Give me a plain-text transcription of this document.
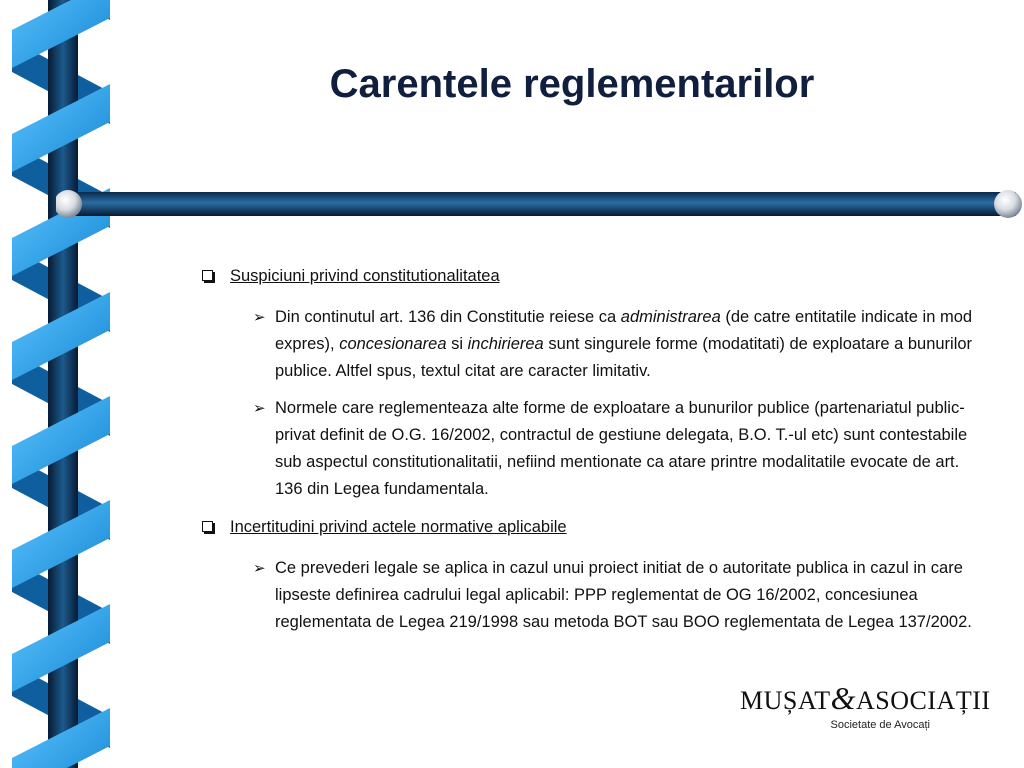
Carentele reglementarilor
Suspiciuni privind constitutionalitatea
➢ Din continutul art. 136 din Constitutie reiese ca administrarea (de catre entitatile indicate in mod expres), concesionarea si inchirierea sunt singurele forme (modatitati) de exploatare a bunurilor publice. Altfel spus, textul citat are caracter limitativ.

➢ Normele care reglementeaza alte forme de exploatare a bunurilor publice (partenariatul public-privat definit de O.G. 16/2002, contractul de gestiune delegata, B.O. T.-ul etc) sunt contestabile sub aspectul constitutionalitatii, nefiind mentionate ca atare printre modalitatile evocate de art. 136 din Legea fundamentala.

Incertitudini privind actele normative aplicabile
➢ Ce prevederi legale se aplica in cazul unui proiect initiat de o autoritate publica in cazul in care lipseste definirea cadrului legal aplicabil: PPP reglementat de OG 16/2002, concesiunea reglementata de Legea 219/1998 sau metoda BOT sau BOO reglementata de Legea 137/2002.

MUȘAT&ASOCIAȚII
Societate de Avocați
